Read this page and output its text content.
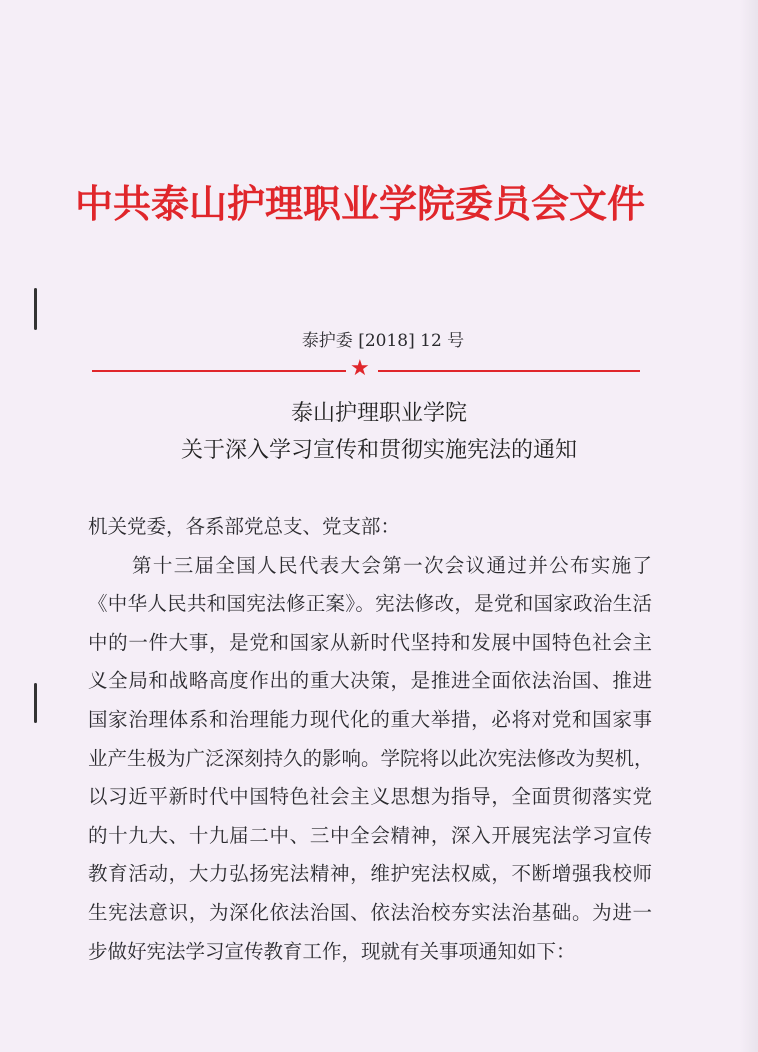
中共泰山护理职业学院委员会文件
泰护委 [2018] 12 号
★
泰山护理职业学院
关于深入学习宣传和贯彻实施宪法的通知
机关党委，各系部党总支、党支部：
第十三届全国人民代表大会第一次会议通过并公布实施了
《中华人民共和国宪法修正案》。宪法修改，是党和国家政治生活
中的一件大事，是党和国家从新时代坚持和发展中国特色社会主
义全局和战略高度作出的重大决策，是推进全面依法治国、推进
国家治理体系和治理能力现代化的重大举措，必将对党和国家事
业产生极为广泛深刻持久的影响。学院将以此次宪法修改为契机，
以习近平新时代中国特色社会主义思想为指导，全面贯彻落实党
的十九大、十九届二中、三中全会精神，深入开展宪法学习宣传
教育活动，大力弘扬宪法精神，维护宪法权威，不断增强我校师
生宪法意识，为深化依法治国、依法治校夯实法治基础。为进一
步做好宪法学习宣传教育工作，现就有关事项通知如下：
